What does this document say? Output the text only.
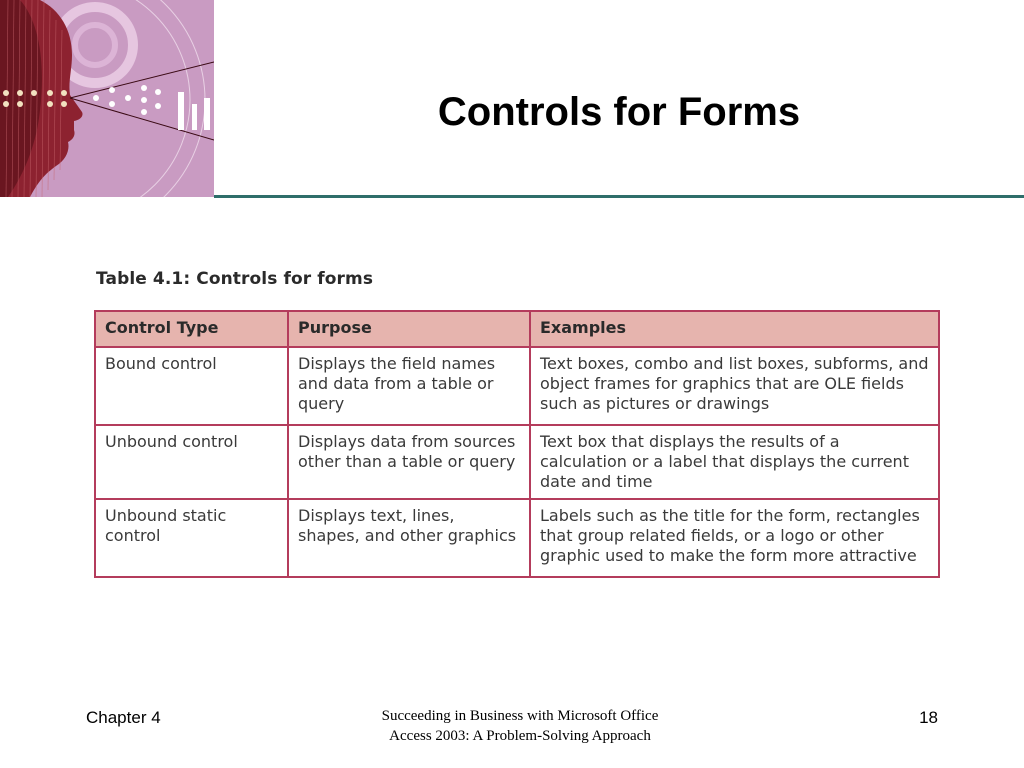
Controls for Forms
Table 4.1: Controls for forms
Control Type	Purpose	Examples
Bound control	Displays the field names and data from a table or query	Text boxes, combo and list boxes, subforms, and object frames for graphics that are OLE fields such as pictures or drawings
Unbound control	Displays data from sources other than a table or query	Text box that displays the results of a calculation or a label that displays the current date and time
Unbound static control	Displays text, lines, shapes, and other graphics	Labels such as the title for the form, rectangles that group related fields, or a logo or other graphic used to make the form more attractive
Chapter 4	Succeeding in Business with Microsoft Office
Access 2003: A Problem-Solving Approach
18
